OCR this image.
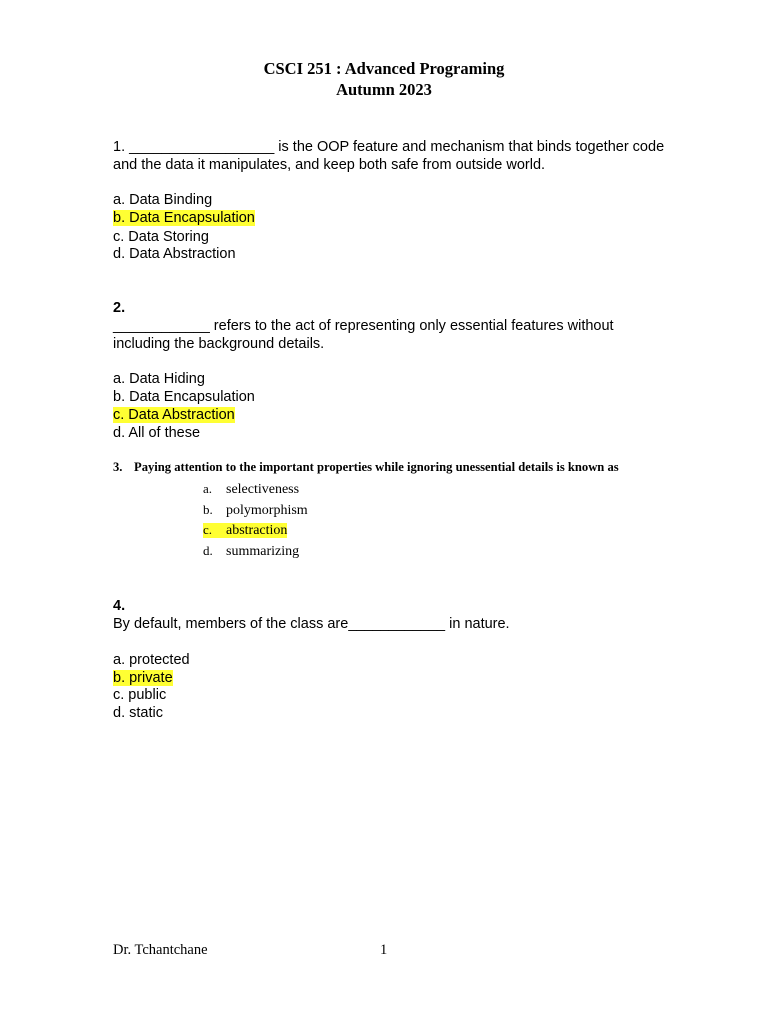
CSCI 251 : Advanced Programing
Autumn 2023
1. __________________ is the OOP feature and mechanism that binds together code
and the data it manipulates, and keep both safe from outside world.
a. Data Binding
b. Data Encapsulation
c. Data Storing
d. Data Abstraction
2.
____________ refers to the act of representing only essential features without
including the background details.
a. Data Hiding
b. Data Encapsulation
c. Data Abstraction
d. All of these
3. Paying attention to the important properties while ignoring unessential details is known as
a. selectiveness
b. polymorphism
c. abstraction
d. summarizing
4.
By default, members of the class are____________ in nature.
a. protected
b. private
c. public
d. static
Dr. Tchantchane	1
